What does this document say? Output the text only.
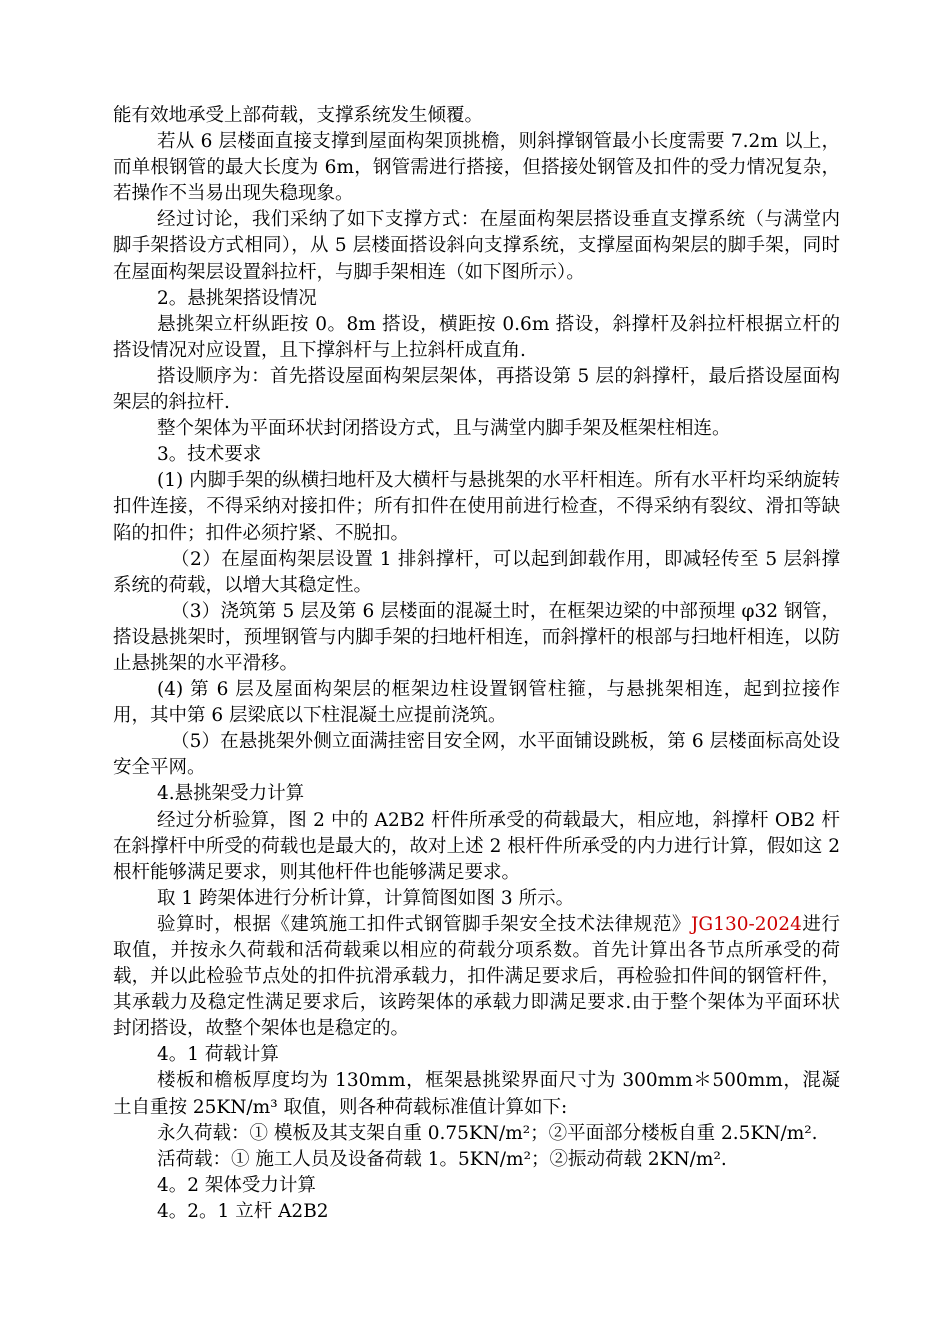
能有效地承受上部荷载，支撑系统发生倾覆。

若从 6 层楼面直接支撑到屋面构架顶挑檐，则斜撑钢管最小长度需要 7.2m 以上，而单根钢管的最大长度为 6m，钢管需进行搭接，但搭接处钢管及扣件的受力情况复杂，若操作不当易出现失稳现象。

经过讨论，我们采纳了如下支撑方式：在屋面构架层搭设垂直支撑系统（与满堂内脚手架搭设方式相同），从 5 层楼面搭设斜向支撑系统，支撑屋面构架层的脚手架，同时在屋面构架层设置斜拉杆，与脚手架相连（如下图所示）。

2。悬挑架搭设情况

悬挑架立杆纵距按 0。8m 搭设，横距按 0.6m 搭设，斜撑杆及斜拉杆根据立杆的搭设情况对应设置，且下撑斜杆与上拉斜杆成直角.

搭设顺序为：首先搭设屋面构架层架体，再搭设第 5 层的斜撑杆，最后搭设屋面构架层的斜拉杆.

整个架体为平面环状封闭搭设方式，且与满堂内脚手架及框架柱相连。

3。技术要求

(1) 内脚手架的纵横扫地杆及大横杆与悬挑架的水平杆相连。所有水平杆均采纳旋转扣件连接，不得采纳对接扣件；所有扣件在使用前进行检查，不得采纳有裂纹、滑扣等缺陷的扣件；扣件必须拧紧、不脱扣。

（2）在屋面构架层设置 1 排斜撑杆，可以起到卸载作用，即减轻传至 5 层斜撑系统的荷载，以增大其稳定性。

（3）浇筑第 5 层及第 6 层楼面的混凝土时，在框架边梁的中部预埋 φ32 钢管，搭设悬挑架时，预埋钢管与内脚手架的扫地杆相连，而斜撑杆的根部与扫地杆相连，以防止悬挑架的水平滑移。

(4) 第 6 层及屋面构架层的框架边柱设置钢管柱箍，与悬挑架相连，起到拉接作用，其中第 6 层梁底以下柱混凝土应提前浇筑。

（5）在悬挑架外侧立面满挂密目安全网，水平面铺设跳板，第 6 层楼面标高处设安全平网。

4.悬挑架受力计算

经过分析验算，图 2 中的 A2B2 杆件所承受的荷载最大，相应地，斜撑杆 OB2 杆在斜撑杆中所受的荷载也是最大的，故对上述 2 根杆件所承受的内力进行计算，假如这 2 根杆能够满足要求，则其他杆件也能够满足要求。

取 1 跨架体进行分析计算，计算简图如图 3 所示。

验算时，根据《建筑施工扣件式钢管脚手架安全技术法律规范》JG130-2024进行取值，并按永久荷载和活荷载乘以相应的荷载分项系数。首先计算出各节点所承受的荷载，并以此检验节点处的扣件抗滑承载力，扣件满足要求后，再检验扣件间的钢管杆件，其承载力及稳定性满足要求后，该跨架体的承载力即满足要求.由于整个架体为平面环状封闭搭设，故整个架体也是稳定的。

4。1 荷载计算

楼板和檐板厚度均为 130mm，框架悬挑梁界面尺寸为 300mm＊500mm，混凝土自重按 25KN/m³ 取值，则各种荷载标准值计算如下:

永久荷载：① 模板及其支架自重 0.75KN/m²；②平面部分楼板自重 2.5KN/m².

活荷载：① 施工人员及设备荷载 1。5KN/m²；②振动荷载 2KN/m².

4。2 架体受力计算

4。2。1 立杆 A2B2
